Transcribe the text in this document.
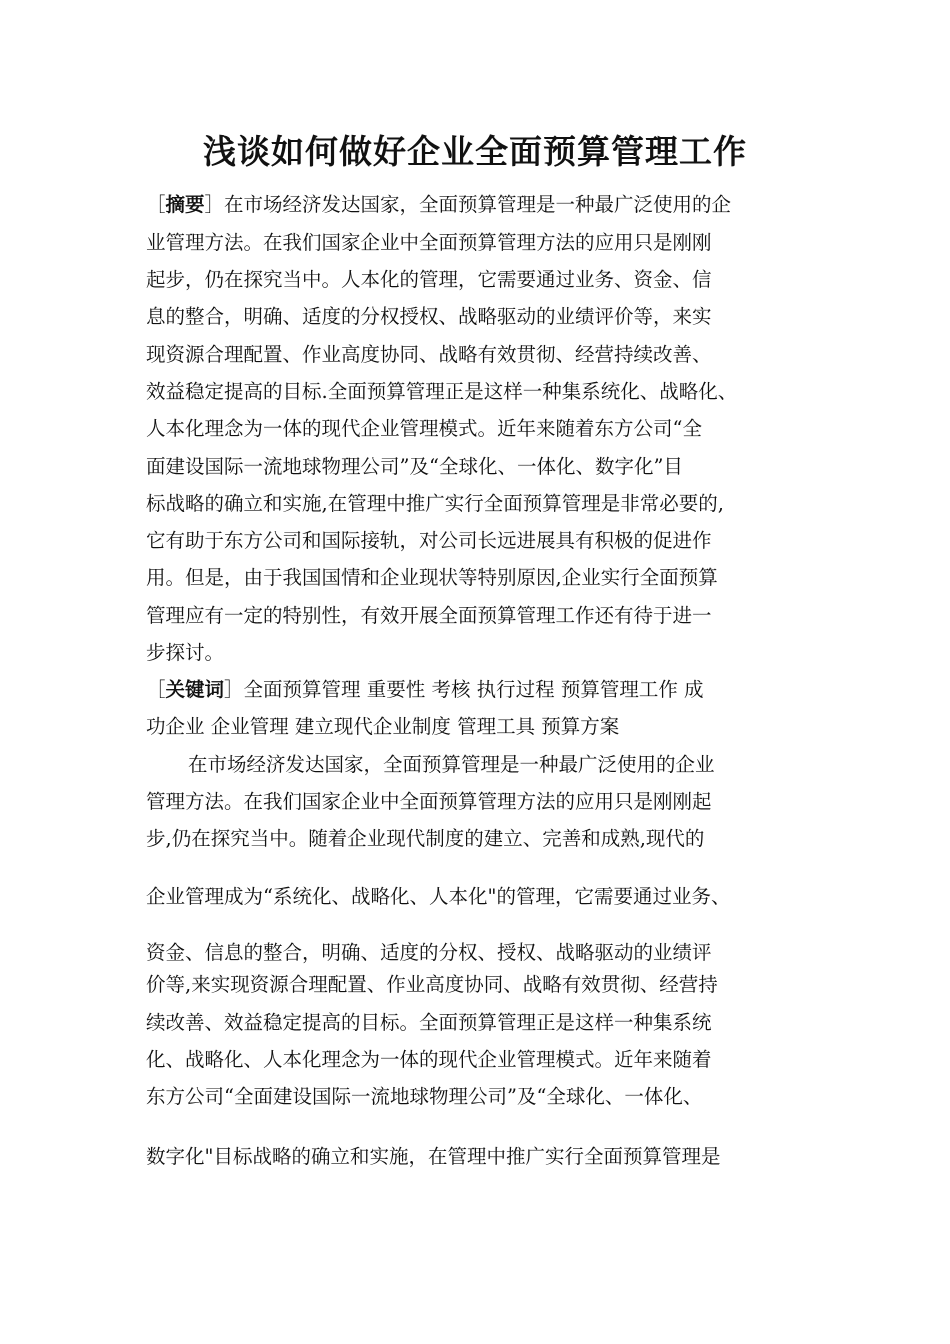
浅谈如何做好企业全面预算管理工作
［摘要］在市场经济发达国家，全面预算管理是一种最广泛使用的企
业管理方法。在我们国家企业中全面预算管理方法的应用只是刚刚
起步，仍在探究当中。人本化的管理，它需要通过业务、资金、信
息的整合，明确、适度的分权授权、战略驱动的业绩评价等，来实
现资源合理配置、作业高度协同、战略有效贯彻、经营持续改善、
效益稳定提高的目标.全面预算管理正是这样一种集系统化、战略化、
人本化理念为一体的现代企业管理模式。近年来随着东方公司“全
面建设国际一流地球物理公司”及“全球化、一体化、数字化”目
标战略的确立和实施,在管理中推广实行全面预算管理是非常必要的,
它有助于东方公司和国际接轨，对公司长远进展具有积极的促进作
用。但是，由于我国国情和企业现状等特别原因,企业实行全面预算
管理应有一定的特别性，有效开展全面预算管理工作还有待于进一
步探讨。
［关键词］全面预算管理 重要性 考核 执行过程 预算管理工作 成
功企业 企业管理 建立现代企业制度 管理工具 预算方案
在市场经济发达国家，全面预算管理是一种最广泛使用的企业
管理方法。在我们国家企业中全面预算管理方法的应用只是刚刚起
步,仍在探究当中。随着企业现代制度的建立、完善和成熟,现代的
企业管理成为“系统化、战略化、人本化"的管理，它需要通过业务、
资金、信息的整合，明确、适度的分权、授权、战略驱动的业绩评
价等,来实现资源合理配置、作业高度协同、战略有效贯彻、经营持
续改善、效益稳定提高的目标。全面预算管理正是这样一种集系统
化、战略化、人本化理念为一体的现代企业管理模式。近年来随着
东方公司“全面建设国际一流地球物理公司”及“全球化、一体化、
数字化"目标战略的确立和实施，在管理中推广实行全面预算管理是
